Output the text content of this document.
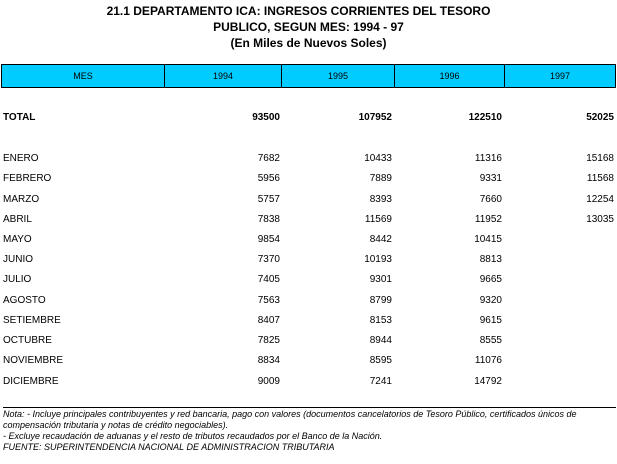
21.1 DEPARTAMENTO ICA: INGRESOS CORRIENTES DEL TESORO
PUBLICO, SEGUN MES: 1994 - 97
(En Miles de Nuevos Soles)
MES	1994	1995	1996	1997
TOTAL	93500	107952	122510	52025
ENERO	7682	10433	11316	15168
FEBRERO	5956	7889	9331	11568
MARZO	5757	8393	7660	12254
ABRIL	7838	11569	11952	13035
MAYO	9854	8442	10415
JUNIO	7370	10193	8813
JULIO	7405	9301	9665
AGOSTO	7563	8799	9320
SETIEMBRE	8407	8153	9615
OCTUBRE	7825	8944	8555
NOVIEMBRE	8834	8595	11076
DICIEMBRE	9009	7241	14792
Nota: - Incluye principales contribuyentes y red bancaria, pago con valores (documentos cancelatorios de Tesoro Público, certificados únicos de compensación tributaria y notas de crédito negociables).
- Excluye recaudación de aduanas y el resto de tributos recaudados por el Banco de la Nación.
FUENTE: SUPERINTENDENCIA NACIONAL DE ADMINISTRACION TRIBUTARIA
